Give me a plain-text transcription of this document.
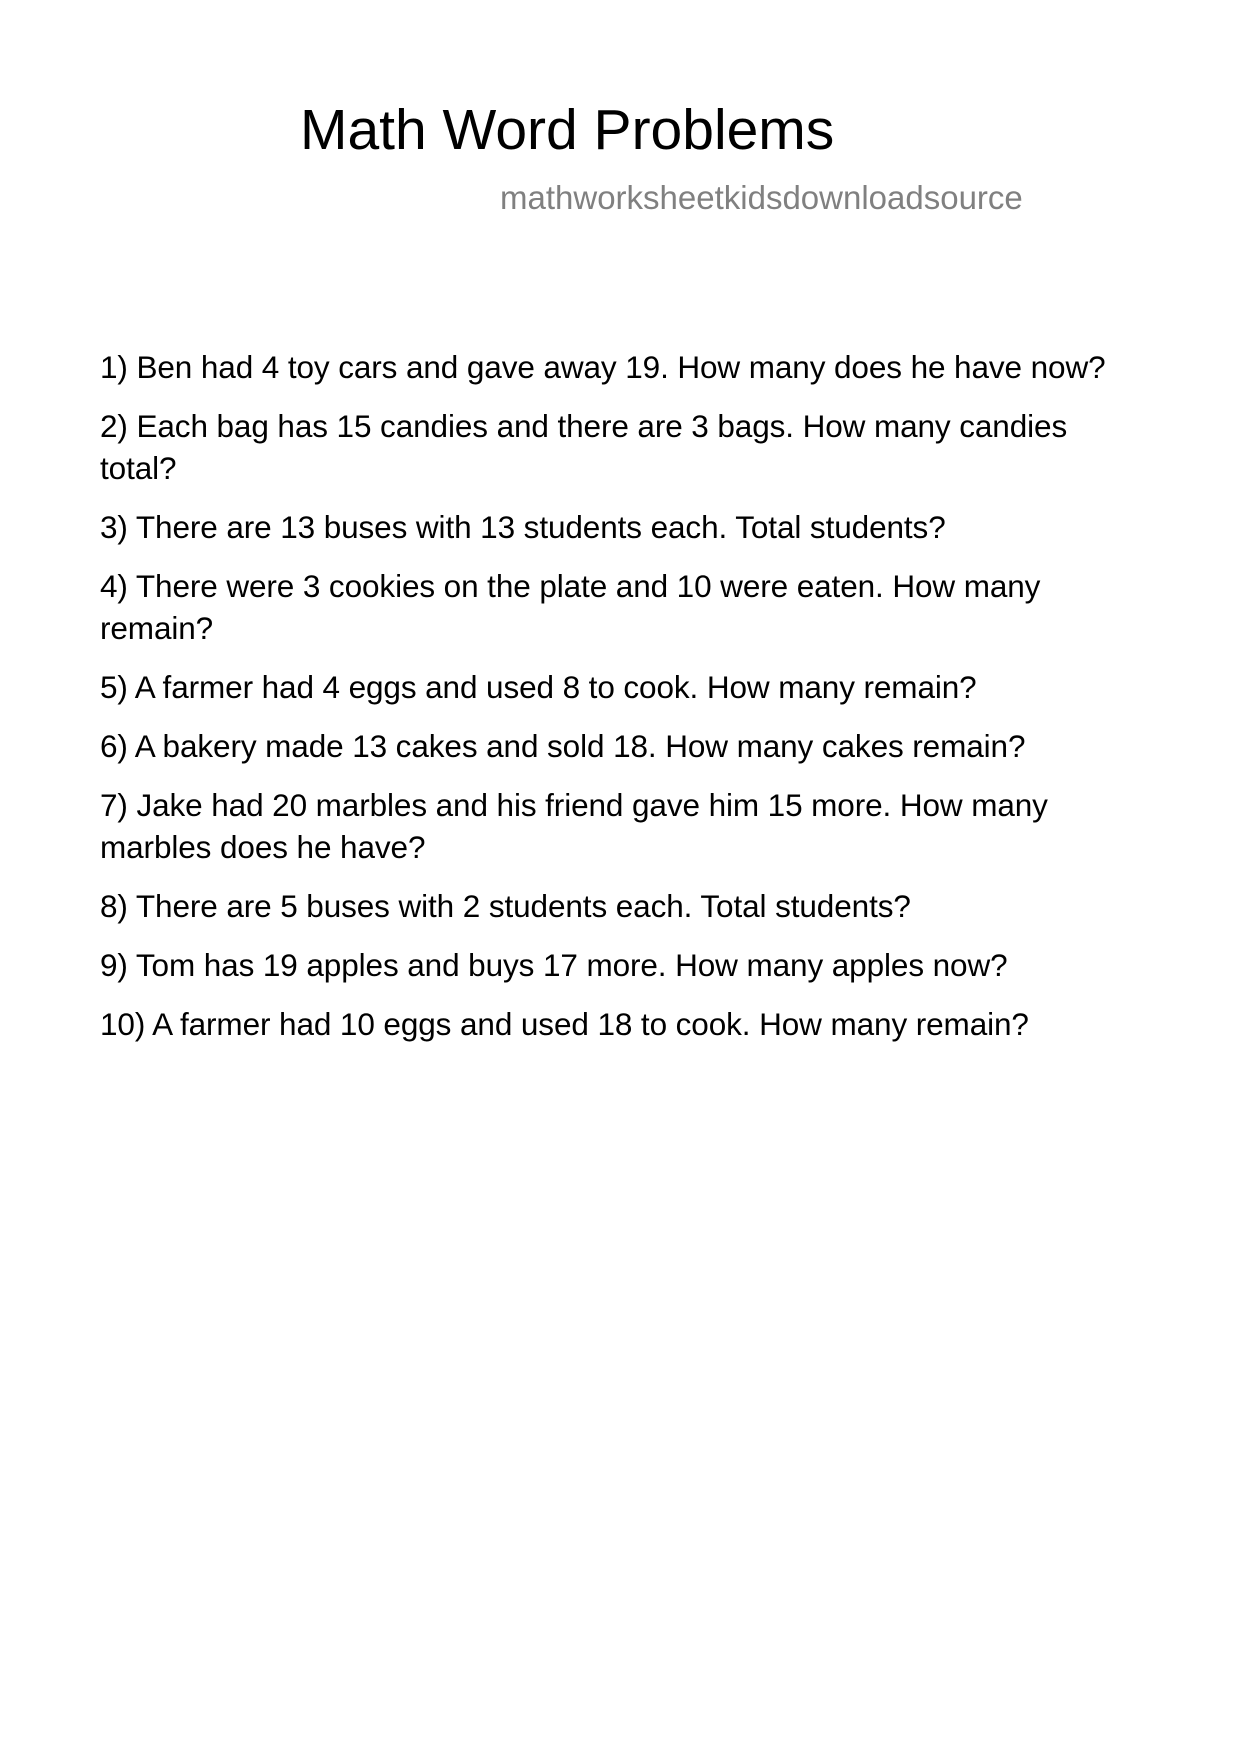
Math Word Problems
mathworksheetkidsdownloadsource
1) Ben had 4 toy cars and gave away 19. How many does he have now?
2) Each bag has 15 candies and there are 3 bags. How many candies total?
3) There are 13 buses with 13 students each. Total students?
4) There were 3 cookies on the plate and 10 were eaten. How many remain?
5) A farmer had 4 eggs and used 8 to cook. How many remain?
6) A bakery made 13 cakes and sold 18. How many cakes remain?
7) Jake had 20 marbles and his friend gave him 15 more. How many marbles does he have?
8) There are 5 buses with 2 students each. Total students?
9) Tom has 19 apples and buys 17 more. How many apples now?
10) A farmer had 10 eggs and used 18 to cook. How many remain?
